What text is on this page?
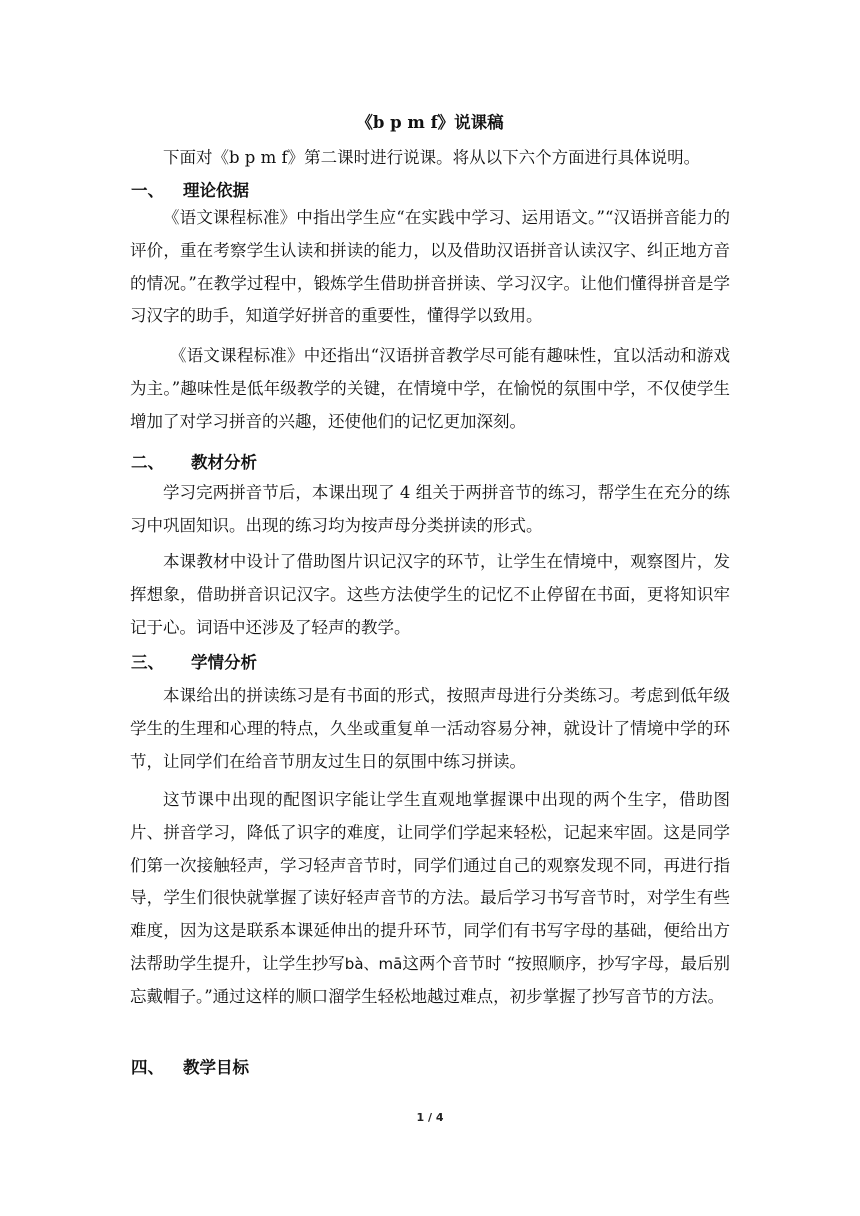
《b p m f》说课稿

下面对《b p m f》第二课时进行说课。将从以下六个方面进行具体说明。

一、 理论依据

《语文课程标准》中指出学生应“在实践中学习、运用语文。”“汉语拼音能力的评价，重在考察学生认读和拼读的能力，以及借助汉语拼音认读汉字、纠正地方音的情况。”在教学过程中，锻炼学生借助拼音拼读、学习汉字。让他们懂得拼音是学习汉字的助手，知道学好拼音的重要性，懂得学以致用。

《语文课程标准》中还指出“汉语拼音教学尽可能有趣味性，宜以活动和游戏为主。”趣味性是低年级教学的关键，在情境中学，在愉悦的氛围中学，不仅使学生增加了对学习拼音的兴趣，还使他们的记忆更加深刻。

二、 教材分析

学习完两拼音节后，本课出现了 4 组关于两拼音节的练习，帮学生在充分的练习中巩固知识。出现的练习均为按声母分类拼读的形式。

本课教材中设计了借助图片识记汉字的环节，让学生在情境中，观察图片，发挥想象，借助拼音识记汉字。这些方法使学生的记忆不止停留在书面，更将知识牢记于心。词语中还涉及了轻声的教学。

三、 学情分析

本课给出的拼读练习是有书面的形式，按照声母进行分类练习。考虑到低年级学生的生理和心理的特点，久坐或重复单一活动容易分神，就设计了情境中学的环节，让同学们在给音节朋友过生日的氛围中练习拼读。

这节课中出现的配图识字能让学生直观地掌握课中出现的两个生字，借助图片、拼音学习，降低了识字的难度，让同学们学起来轻松，记起来牢固。这是同学们第一次接触轻声，学习轻声音节时，同学们通过自己的观察发现不同，再进行指导，学生们很快就掌握了读好轻声音节的方法。最后学习书写音节时，对学生有些难度，因为这是联系本课延伸出的提升环节，同学们有书写字母的基础，便给出方法帮助学生提升，让学生抄写bà、mā这两个音节时 “按照顺序，抄写字母，最后别忘戴帽子。”通过这样的顺口溜学生轻松地越过难点，初步掌握了抄写音节的方法。

四、 教学目标
1 / 4
